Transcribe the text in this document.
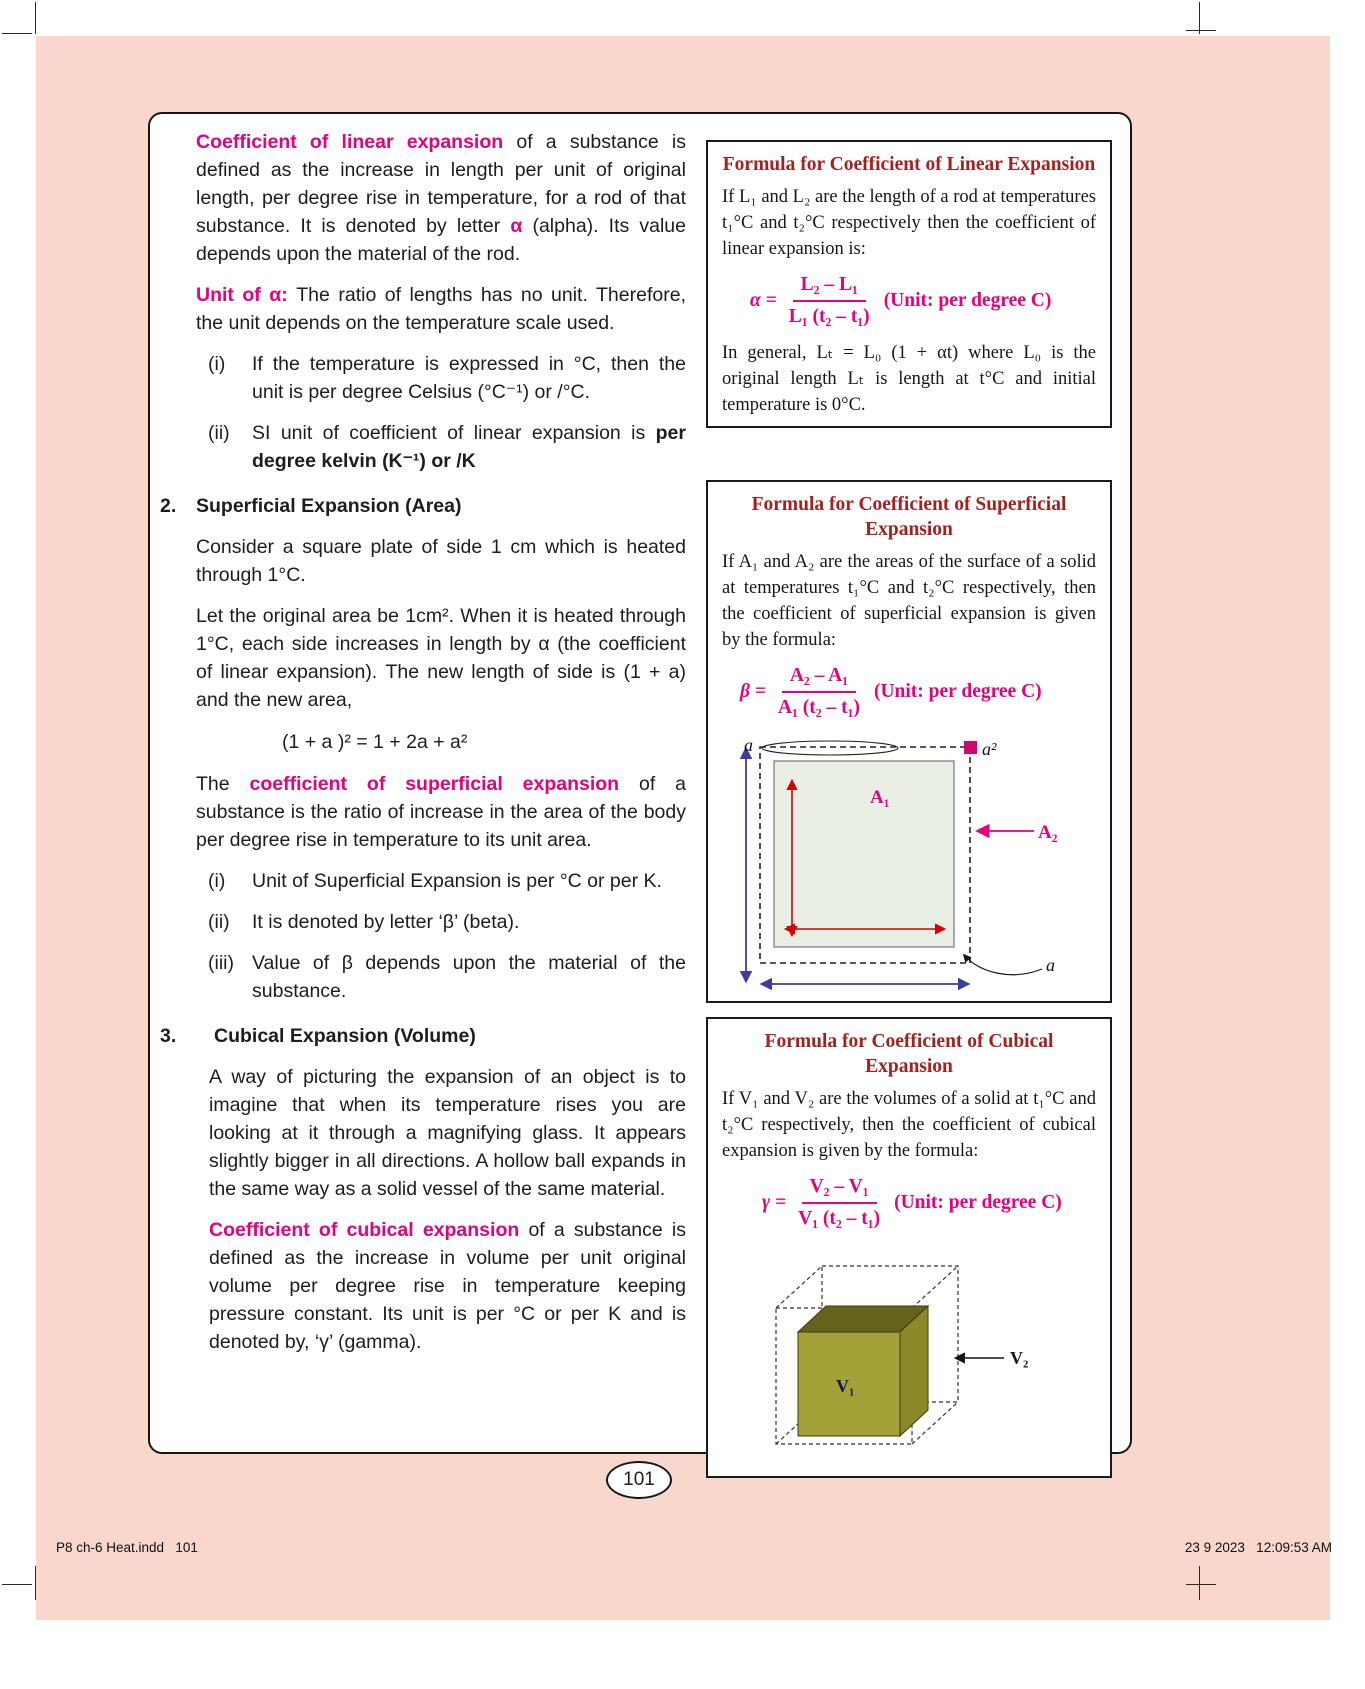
Coefficient of linear expansion of a substance is defined as the increase in length per unit of original length, per degree rise in temperature, for a rod of that substance. It is denoted by letter α (alpha). Its value depends upon the material of the rod.

Unit of α: The ratio of lengths has no unit. Therefore, the unit depends on the temperature scale used.

(i) If the temperature is expressed in °C, then the unit is per degree Celsius (°C⁻¹) or /°C.
(ii) SI unit of coefficient of linear expansion is per degree kelvin (K⁻¹) or /K
2. Superficial Expansion (Area)

Consider a square plate of side 1 cm which is heated through 1°C.

Let the original area be 1cm². When it is heated through 1°C, each side increases in length by α (the coefficient of linear expansion). The new length of side is (1 + a) and the new area,

(1 + a )² = 1 + 2a + a²

The coefficient of superficial expansion of a substance is the ratio of increase in the area of the body per degree rise in temperature to its unit area.

(i) Unit of Superficial Expansion is per °C or per K.
(ii) It is denoted by letter ‘β’ (beta).
(iii) Value of β depends upon the material of the substance.
3. Cubical Expansion (Volume)

A way of picturing the expansion of an object is to imagine that when its temperature rises you are looking at it through a magnifying glass. It appears slightly bigger in all directions. A hollow ball expands in the same way as a solid vessel of the same material.

Coefficient of cubical expansion of a substance is defined as the increase in volume per unit original volume per degree rise in temperature keeping pressure constant. Its unit is per °C or per K and is denoted by, ‘γ’ (gamma).

Formula for Coefficient of Linear Expansion

If L₁ and L₂ are the length of a rod at temperatures t₁°C and t₂°C respectively then the coefficient of linear expansion is:

$\alpha = \frac{\text{L₂ – L₁}}{\text{L₁ (t₂ – t₁)}}$ (Unit: per degree C)

In general, Lₜ = L₀ (1 + αt) where L₀ is the original length Lₜ is length at t°C and initial temperature is 0°C.

Formula for Coefficient of Superficial Expansion

If A₁ and A₂ are the areas of the surface of a solid at temperatures t₁°C and t₂°C respectively, then the coefficient of superficial expansion is given by the formula:

$\beta = \frac{\text{A₂ – A₁}}{\text{A₁ (t₂ – t₁)}}$ (Unit: per degree C)
a	a²
A₁
A₂
a
Formula for Coefficient of Cubical Expansion

If V₁ and V₂ are the volumes of a solid at t₁°C and t₂°C respectively, then the coefficient of cubical expansion is given by the formula:

$\gamma = \frac{\text{V₂ – V₁}}{\text{V₁ (t₂ – t₁)}}$ (Unit: per degree C)
V₁
V₂
101
P8 ch-6 Heat.indd   101	23 9 2023   12:09:53 AM
